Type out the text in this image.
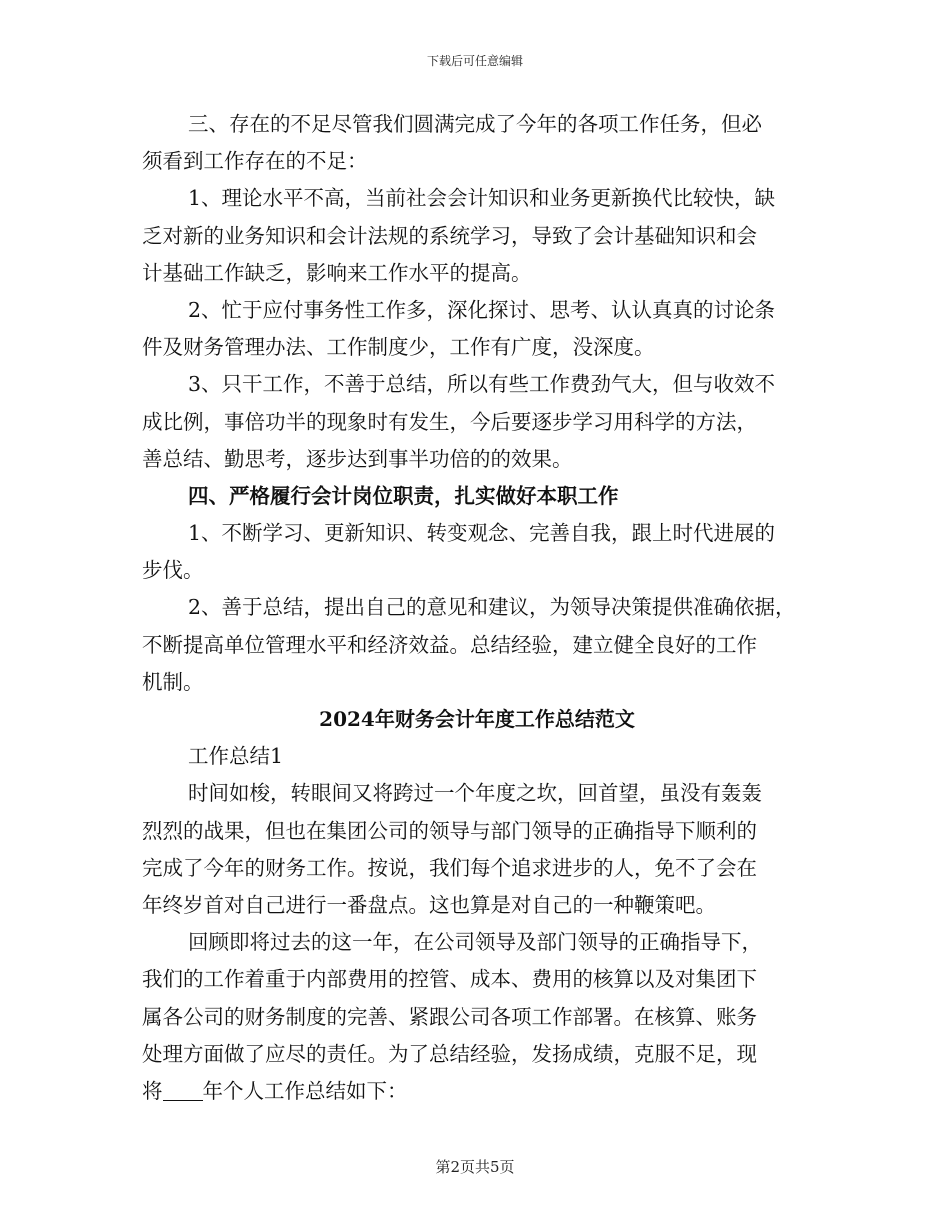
下载后可任意编辑
三、存在的不足尽管我们圆满完成了今年的各项工作任务，但必
须看到工作存在的不足：
1、理论水平不高，当前社会会计知识和业务更新换代比较快，缺
乏对新的业务知识和会计法规的系统学习，导致了会计基础知识和会
计基础工作缺乏，影响来工作水平的提高。
2、忙于应付事务性工作多，深化探讨、思考、认认真真的讨论条
件及财务管理办法、工作制度少，工作有广度，没深度。
3、只干工作，不善于总结，所以有些工作费劲气大，但与收效不
成比例，事倍功半的现象时有发生，今后要逐步学习用科学的方法，
善总结、勤思考，逐步达到事半功倍的的效果。
四、严格履行会计岗位职责，扎实做好本职工作
1、不断学习、更新知识、转变观念、完善自我，跟上时代进展的
步伐。
2、善于总结，提出自己的意见和建议，为领导决策提供准确依据，
不断提高单位管理水平和经济效益。总结经验，建立健全良好的工作
机制。
2024年财务会计年度工作总结范文
工作总结1
时间如梭，转眼间又将跨过一个年度之坎，回首望，虽没有轰轰
烈烈的战果，但也在集团公司的领导与部门领导的正确指导下顺利的
完成了今年的财务工作。按说，我们每个追求进步的人，免不了会在
年终岁首对自己进行一番盘点。这也算是对自己的一种鞭策吧。
回顾即将过去的这一年，在公司领导及部门领导的正确指导下，
我们的工作着重于内部费用的控管、成本、费用的核算以及对集团下
属各公司的财务制度的完善、紧跟公司各项工作部署。在核算、账务
处理方面做了应尽的责任。为了总结经验，发扬成绩，克服不足，现
将 年个人工作总结如下：
第2页共5页
